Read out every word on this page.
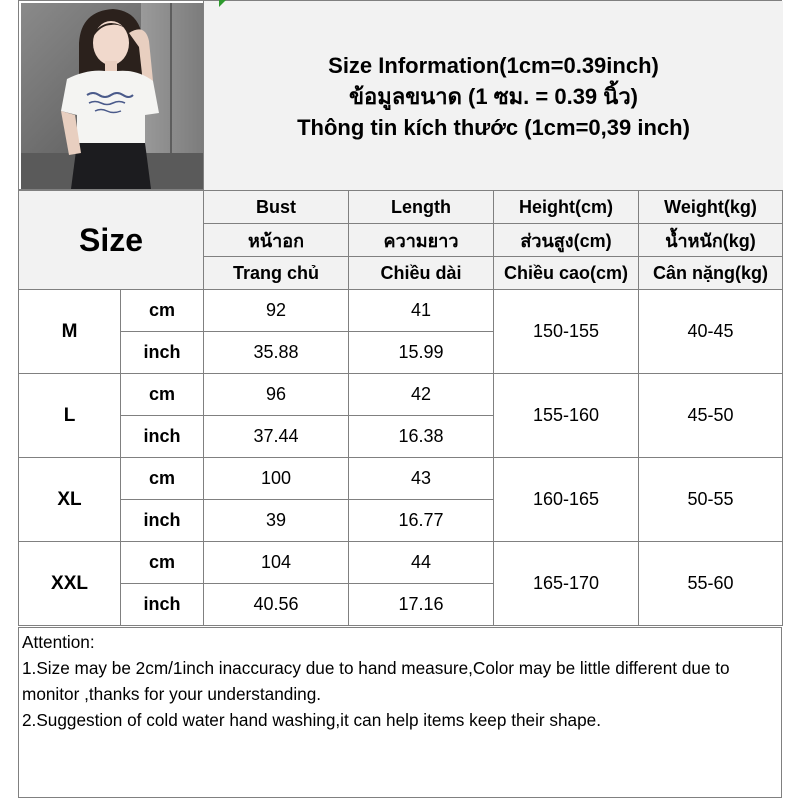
Size Information(1cm=0.39inch)
ข้อมูลขนาด (1 ซม. = 0.39 นิ้ว)
Thông tin kích thước (1cm=0,39 inch)
Size		Bust	Length	Height(cm)	Weight(kg)
		หน้าอก	ความยาว	ส่วนสูง(cm)	น้ำหนัก(kg)
		Trang chủ	Chiều dài	Chiều cao(cm)	Cân nặng(kg)
M	cm	92	41	150-155	40-45
	inch	35.88	15.99		
L	cm	96	42	155-160	45-50
	inch	37.44	16.38		
XL	cm	100	43	160-165	50-55
	inch	39	16.77		
XXL	cm	104	44	165-170	55-60
	inch	40.56	17.16		
Attention:
1.Size may be 2cm/1inch inaccuracy due to hand measure,Color may be little different due to monitor ,thanks for your understanding.
2.Suggestion of cold water hand washing,it can help items keep their shape.
